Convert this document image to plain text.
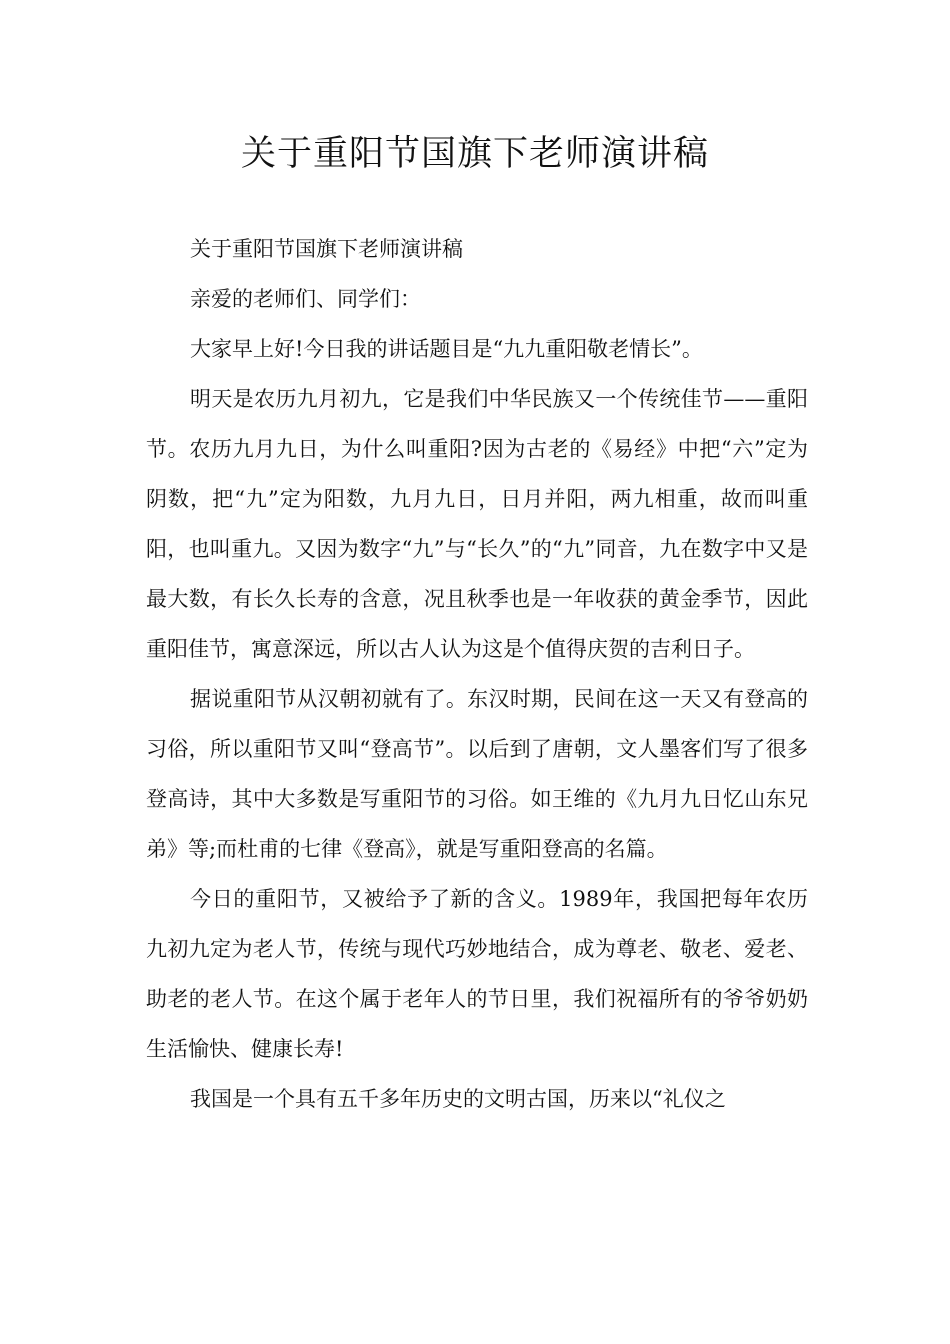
关于重阳节国旗下老师演讲稿

关于重阳节国旗下老师演讲稿

亲爱的老师们、同学们：

大家早上好!今日我的讲话题目是“九九重阳敬老情长”。

明天是农历九月初九，它是我们中华民族又一个传统佳节——重阳节。农历九月九日，为什么叫重阳?因为古老的《易经》中把“六”定为阴数，把“九”定为阳数，九月九日，日月并阳，两九相重，故而叫重阳，也叫重九。又因为数字“九”与“长久”的“九”同音，九在数字中又是最大数，有长久长寿的含意，况且秋季也是一年收获的黄金季节，因此重阳佳节，寓意深远，所以古人认为这是个值得庆贺的吉利日子。

据说重阳节从汉朝初就有了。东汉时期，民间在这一天又有登高的习俗，所以重阳节又叫“登高节”。以后到了唐朝，文人墨客们写了很多登高诗，其中大多数是写重阳节的习俗。如王维的《九月九日忆山东兄弟》等;而杜甫的七律《登高》，就是写重阳登高的名篇。

今日的重阳节，又被给予了新的含义。1989年，我国把每年农历九初九定为老人节，传统与现代巧妙地结合，成为尊老、敬老、爱老、助老的老人节。在这个属于老年人的节日里，我们祝福所有的爷爷奶奶生活愉快、健康长寿!

我国是一个具有五千多年历史的文明古国，历来以“礼仪之
